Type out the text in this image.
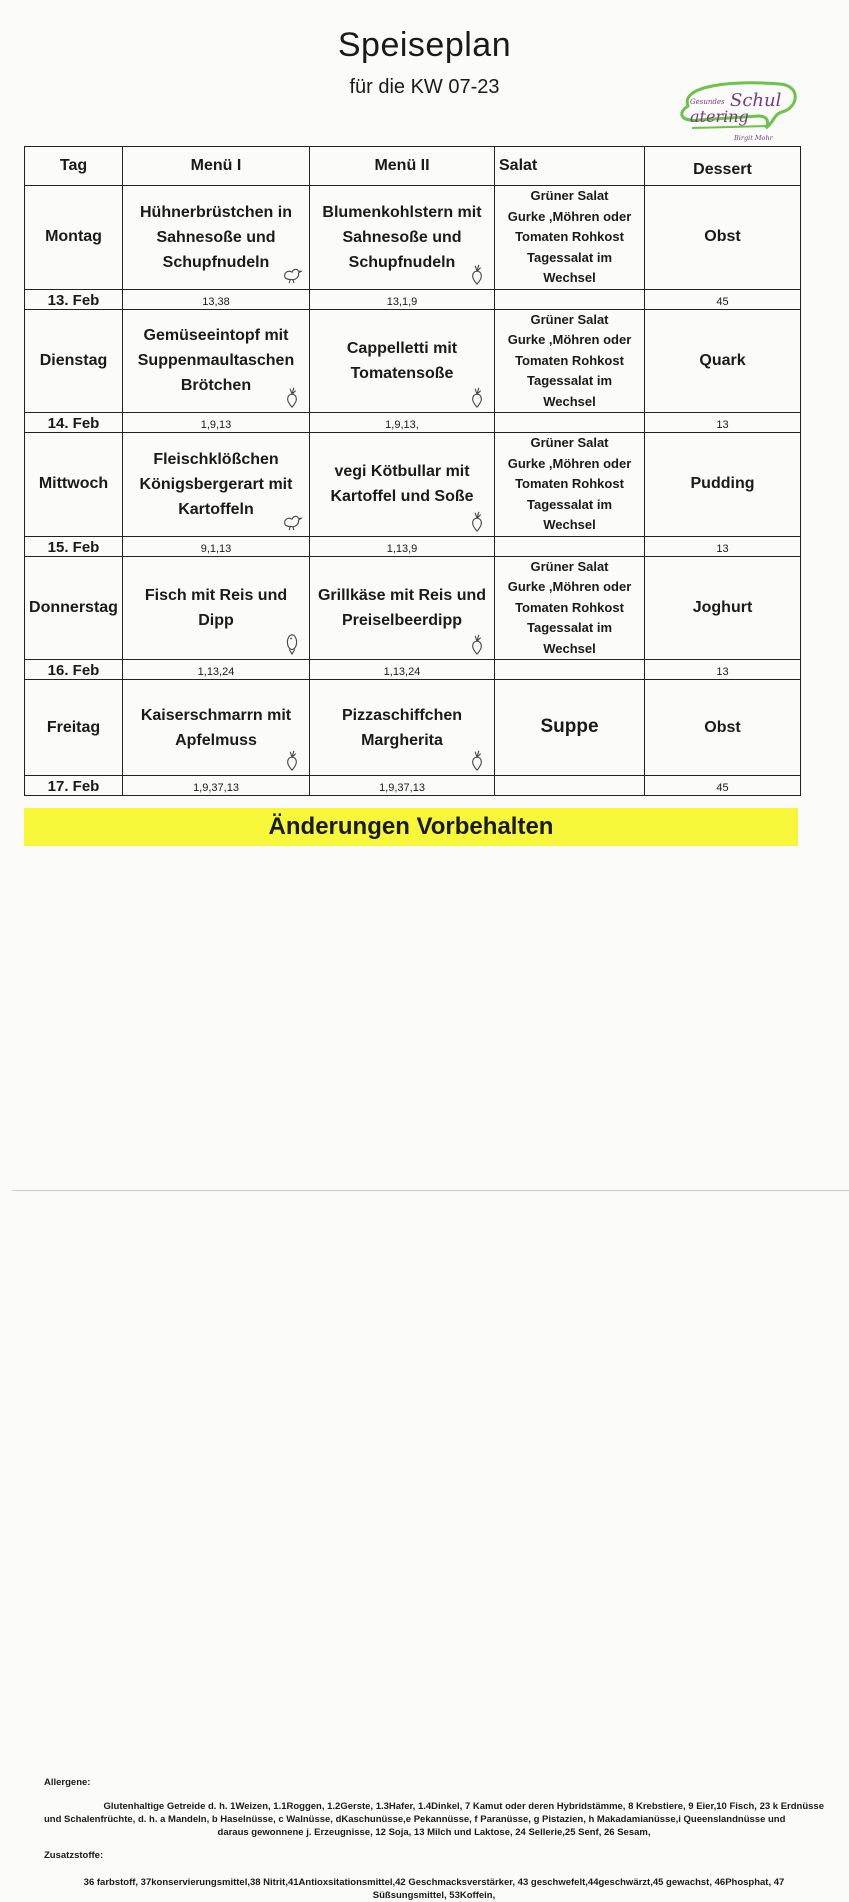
Speiseplan
für die KW 07-23
Gesundes Schul
atering
Birgit Mohr
Tag	Menü I	Menü II	Salat	Dessert
Montag	Hühnerbrüstchen in Sahnesoße und Schupfnudeln	Blumenkohlstern mit Sahnesoße und Schupfnudeln	Grüner Salat
Gurke ,Möhren oder
Tomaten Rohkost
Tagessalat im
Wechsel	Obst
13. Feb	13,38	13,1,9		45
Dienstag	Gemüseeintopf mit Suppenmaultaschen Brötchen	Cappelletti mit Tomatensoße	Grüner Salat
Gurke ,Möhren oder
Tomaten Rohkost
Tagessalat im
Wechsel	Quark
14. Feb	1,9,13	1,9,13,		13
Mittwoch	Fleischklößchen Königsbergerart mit Kartoffeln	vegi Kötbullar mit Kartoffel und Soße	Grüner Salat
Gurke ,Möhren oder
Tomaten Rohkost
Tagessalat im
Wechsel	Pudding
15. Feb	9,1,13	1,13,9		13
Donnerstag	Fisch mit Reis und Dipp	Grillkäse mit Reis und Preiselbeerdipp	Grüner Salat
Gurke ,Möhren oder
Tomaten Rohkost
Tagessalat im
Wechsel	Joghurt
16. Feb	1,13,24	1,13,24		13
Freitag	Kaiserschmarrn mit Apfelmuss	Pizzaschiffchen Margherita	Suppe	Obst
17. Feb	1,9,37,13	1,9,37,13		45
Änderungen Vorbehalten

Allergene:

Glutenhaltige Getreide d. h. 1Weizen, 1.1Roggen, 1.2Gerste, 1.3Hafer, 1.4Dinkel, 7 Kamut oder deren Hybridstämme, 8 Krebstiere, 9 Eier,10 Fisch, 23 k Erdnüsse

und Schalenfrüchte, d. h. a Mandeln, b Haselnüsse, c Walnüsse, dKaschunüsse,e Pekannüsse, f Paranüsse, g Pistazien, h Makadamianüsse,i Queenslandnüsse und

daraus gewonnene j. Erzeugnisse, 12 Soja, 13 Milch und Laktose, 24 Sellerie,25 Senf, 26 Sesam,

Zusatzstoffe:

36 farbstoff, 37konservierungsmittel,38 Nitrit,41Antioxsitationsmittel,42 Geschmacksverstärker, 43 geschwefelt,44geschwärzt,45 gewachst, 46Phosphat, 47

Süßsungsmittel, 53Koffein,
